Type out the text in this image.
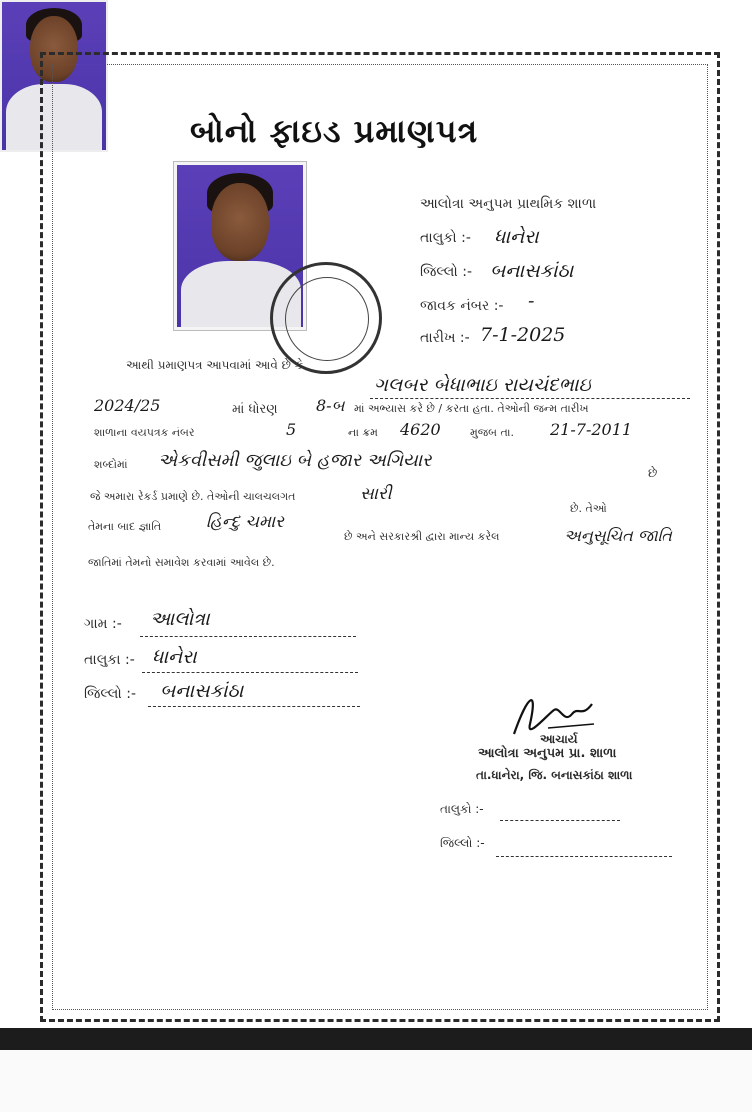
બોનો ફાઇડ પ્રમાણપત્ર
આલોત્રા અનુપમ પ્રાથમિક શાળા
તાલુકો :- ધાનેરા
જિલ્લો :- બનાસકાંઠા
જાવક નંબર :- -
તારીખ :- 7-1-2025
આથી પ્રમાણપત્ર આપવામાં આવે છે કે
ગલબર બેધાભાઇ રાયચંદભાઇ
2024/25	માં ધોરણ 8-બ માં અભ્યાસ કરે છે / કરતા હતા. તેઓની જન્મ તારીખ
શાળાના વયપત્રક નંબર	5	ના ક્રમ 4620	મુજબ તા. 21-7-2011
શબ્દોમાં એકવીસમી જુલાઇ બે હજાર અગિયાર
છે
જે અમારા રેકર્ડ પ્રમાણે છે. તેઓની ચાલચલગત	સારી
છે. તેઓ
તેમના બાદ જ્ઞાતિ	હિન્દુ ચમાર
છે અને સરકારશ્રી દ્વારા માન્ય કરેલ	અનુસૂચિત જાતિ
જાતિમાં તેમનો સમાવેશ કરવામાં આવેલ છે.
ગામ :- આલોત્રા
તાલુકા :- ધાનેરા
જિલ્લો :- બનાસકાંઠા
આચાર્ય
આલોત્રા અનુપમ પ્રા. શાળા
તા.ધાનેરા, જિ. બનાસકાંઠા શાળા
તાલુકો :-
જિલ્લો :-
